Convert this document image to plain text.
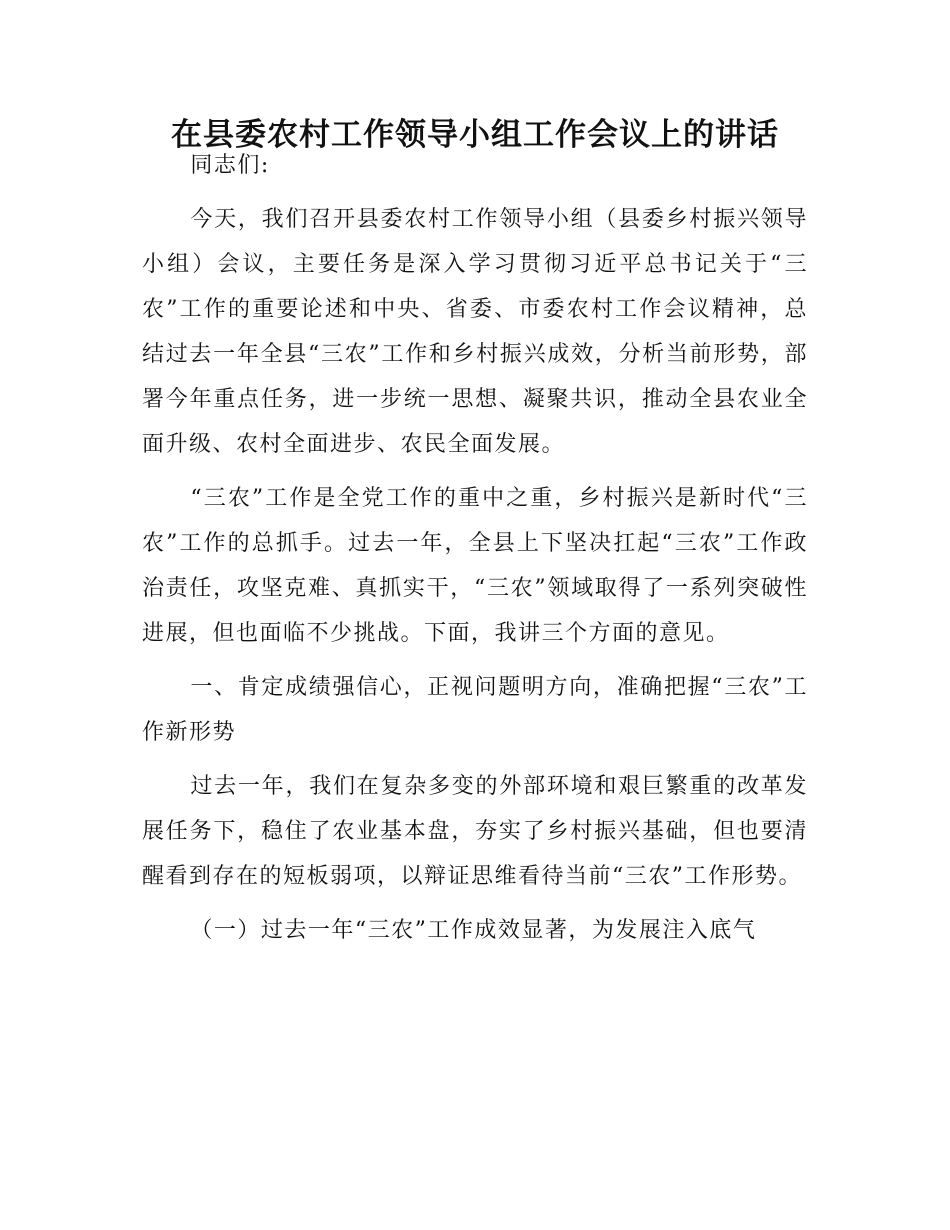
在县委农村工作领导小组工作会议上的讲话

同志们:

今天，我们召开县委农村工作领导小组（县委乡村振兴领导小组）会议，主要任务是深入学习贯彻习近平总书记关于“三农”工作的重要论述和中央、省委、市委农村工作会议精神，总结过去一年全县“三农”工作和乡村振兴成效，分析当前形势，部署今年重点任务，进一步统一思想、凝聚共识，推动全县农业全面升级、农村全面进步、农民全面发展。

“三农”工作是全党工作的重中之重，乡村振兴是新时代“三农”工作的总抓手。过去一年，全县上下坚决扛起“三农”工作政治责任，攻坚克难、真抓实干，“三农”领域取得了一系列突破性进展，但也面临不少挑战。下面，我讲三个方面的意见。

一、肯定成绩强信心，正视问题明方向，准确把握“三农”工作新形势

过去一年，我们在复杂多变的外部环境和艰巨繁重的改革发展任务下，稳住了农业基本盘，夯实了乡村振兴基础，但也要清醒看到存在的短板弱项，以辩证思维看待当前“三农”工作形势。

（一）过去一年“三农”工作成效显著，为发展注入底气
